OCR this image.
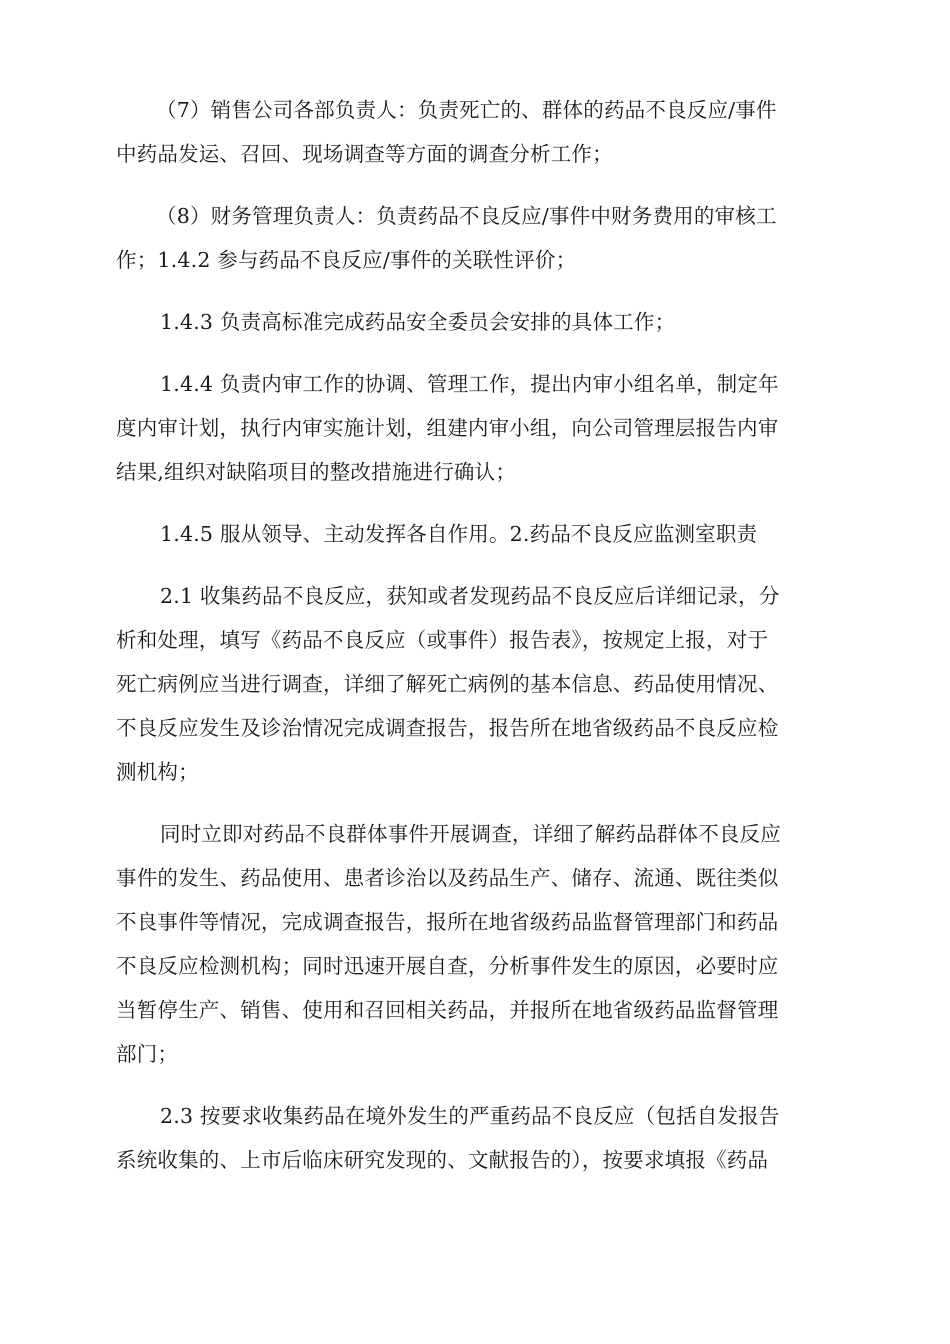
（7）销售公司各部负责人：负责死亡的、群体的药品不良反应/事件
中药品发运、召回、现场调查等方面的调查分析工作；

（8）财务管理负责人：负责药品不良反应/事件中财务费用的审核工
作；1.4.2 参与药品不良反应/事件的关联性评价；

1.4.3 负责高标准完成药品安全委员会安排的具体工作；

1.4.4 负责内审工作的协调、管理工作，提出内审小组名单，制定年
度内审计划，执行内审实施计划，组建内审小组，向公司管理层报告内审
结果,组织对缺陷项目的整改措施进行确认；

1.4.5 服从领导、主动发挥各自作用。2.药品不良反应监测室职责

2.1 收集药品不良反应，获知或者发现药品不良反应后详细记录，分
析和处理，填写《药品不良反应（或事件）报告表》，按规定上报，对于
死亡病例应当进行调查，详细了解死亡病例的基本信息、药品使用情况、
不良反应发生及诊治情况完成调查报告，报告所在地省级药品不良反应检
测机构；

同时立即对药品不良群体事件开展调查，详细了解药品群体不良反应
事件的发生、药品使用、患者诊治以及药品生产、储存、流通、既往类似
不良事件等情况，完成调查报告，报所在地省级药品监督管理部门和药品
不良反应检测机构；同时迅速开展自查，分析事件发生的原因，必要时应
当暂停生产、销售、使用和召回相关药品，并报所在地省级药品监督管理
部门；

2.3 按要求收集药品在境外发生的严重药品不良反应（包括自发报告
系统收集的、上市后临床研究发现的、文献报告的），按要求填报《药品
